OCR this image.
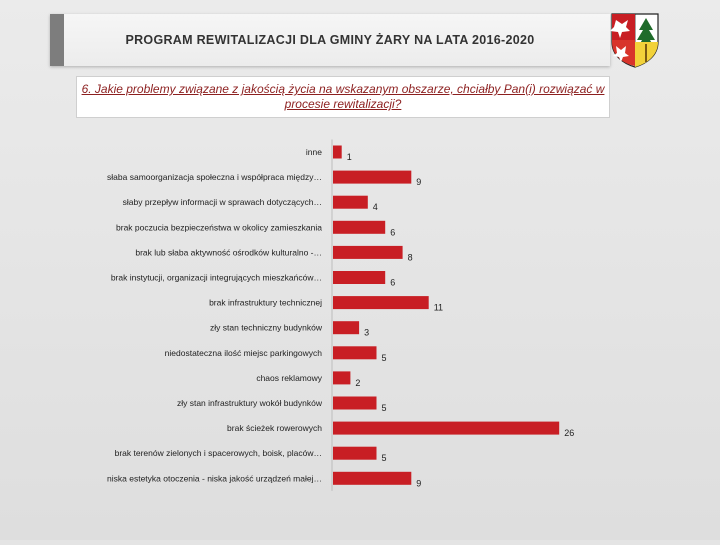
PROGRAM REWITALIZACJI DLA GMINY ŻARY NA LATA 2016-2020
6. Jakie problemy związane z jakością życia na wskazanym obszarze, chciałby Pan(i) rozwiązać w procesie rewitalizacji?
inne	1
słaba samoorganizacja społeczna i współpraca między…	9
słaby przepływ informacji w sprawach dotyczących…	4
brak poczucia bezpieczeństwa w okolicy zamieszkania	6
brak lub słaba aktywność ośrodków kulturalno -…	8
brak instytucji, organizacji integrujących mieszkańców…	6
brak infrastruktury technicznej	11
zły stan techniczny budynków	3
niedostateczna ilość miejsc parkingowych	5
chaos reklamowy	2
zły stan infrastruktury wokół budynków	5
brak ścieżek rowerowych	26
brak terenów zielonych i spacerowych, boisk, placów…	5
niska estetyka otoczenia - niska jakość urządzeń małej…	9
